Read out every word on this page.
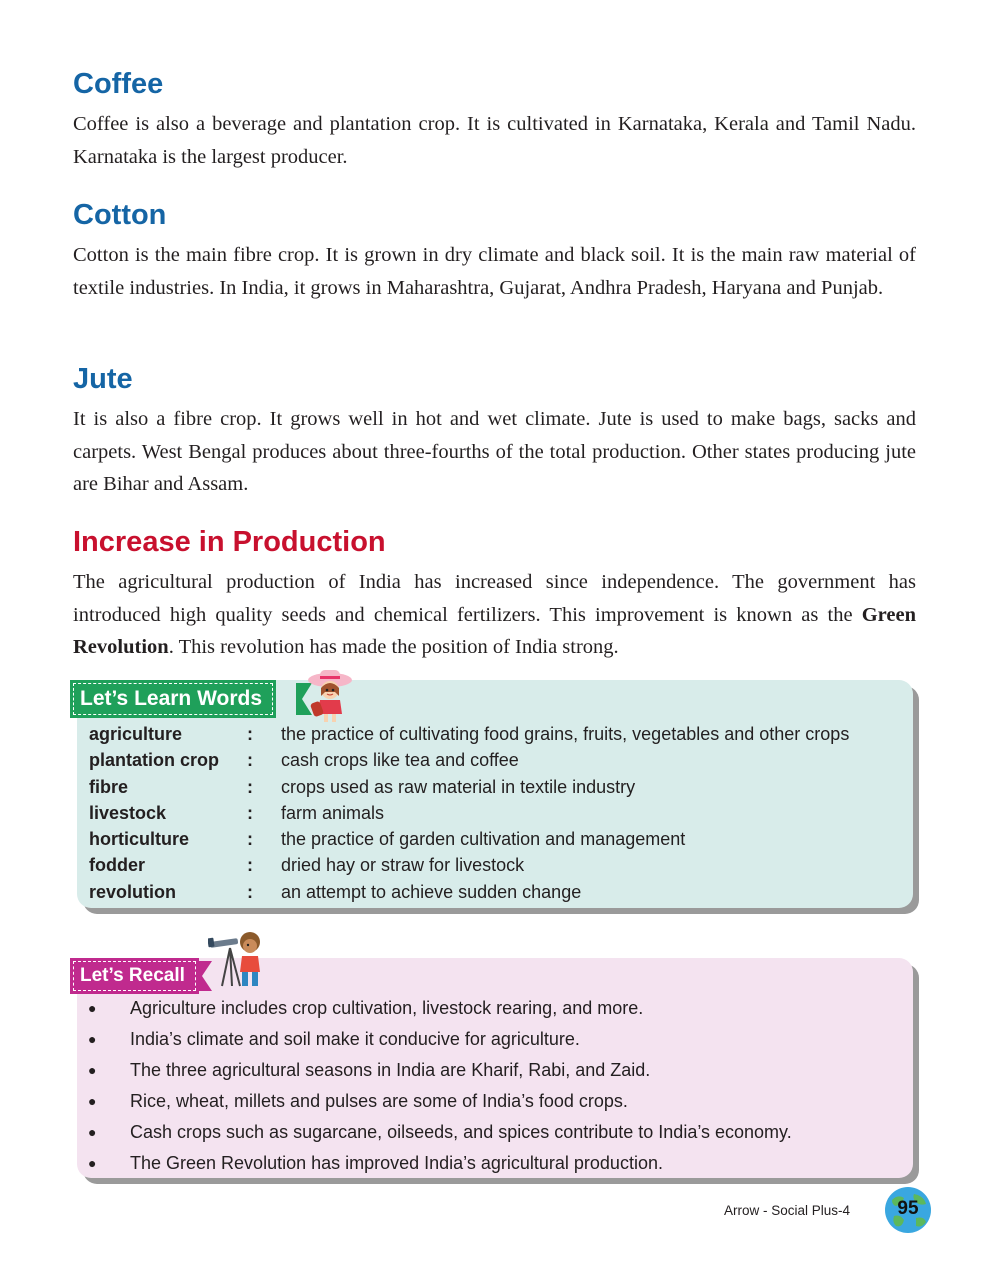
Coffee

Coffee is also a beverage and plantation crop. It is cultivated in Karnataka, Kerala and Tamil Nadu. Karnataka is the largest producer.

Cotton

Cotton is the main fibre crop. It is grown in dry climate and black soil. It is the main raw material of textile industries. In India, it grows in Maharashtra, Gujarat, Andhra Pradesh, Haryana and Punjab.

Jute

It is also a fibre crop. It grows well in hot and wet climate. Jute is used to make bags, sacks and carpets. West Bengal produces about three-fourths of the total production. Other states producing jute are Bihar and Assam.

Increase in Production

The agricultural production of India has increased since independence. The government has introduced high quality seeds and chemical fertilizers. This improvement is known as the Green Revolution. This revolution has made the position of India strong.

Let’s Learn Words
agriculture	:	the practice of cultivating food grains, fruits, vegetables and other crops
plantation crop	:	cash crops like tea and coffee
fibre	:	crops used as raw material in textile industry
livestock	:	farm animals
horticulture	:	the practice of garden cultivation and management
fodder	:	dried hay or straw for livestock
revolution	:	an attempt to achieve sudden change
Let’s Recall
●	Agriculture includes crop cultivation, livestock rearing, and more.
●	India’s climate and soil make it conducive for agriculture.
●	The three agricultural seasons in India are Kharif, Rabi, and Zaid.
●	Rice, wheat, millets and pulses are some of India’s food crops.
●	Cash crops such as sugarcane, oilseeds, and spices contribute to India’s economy.
●	The Green Revolution has improved India’s agricultural production.
Arrow - Social Plus-4	95
